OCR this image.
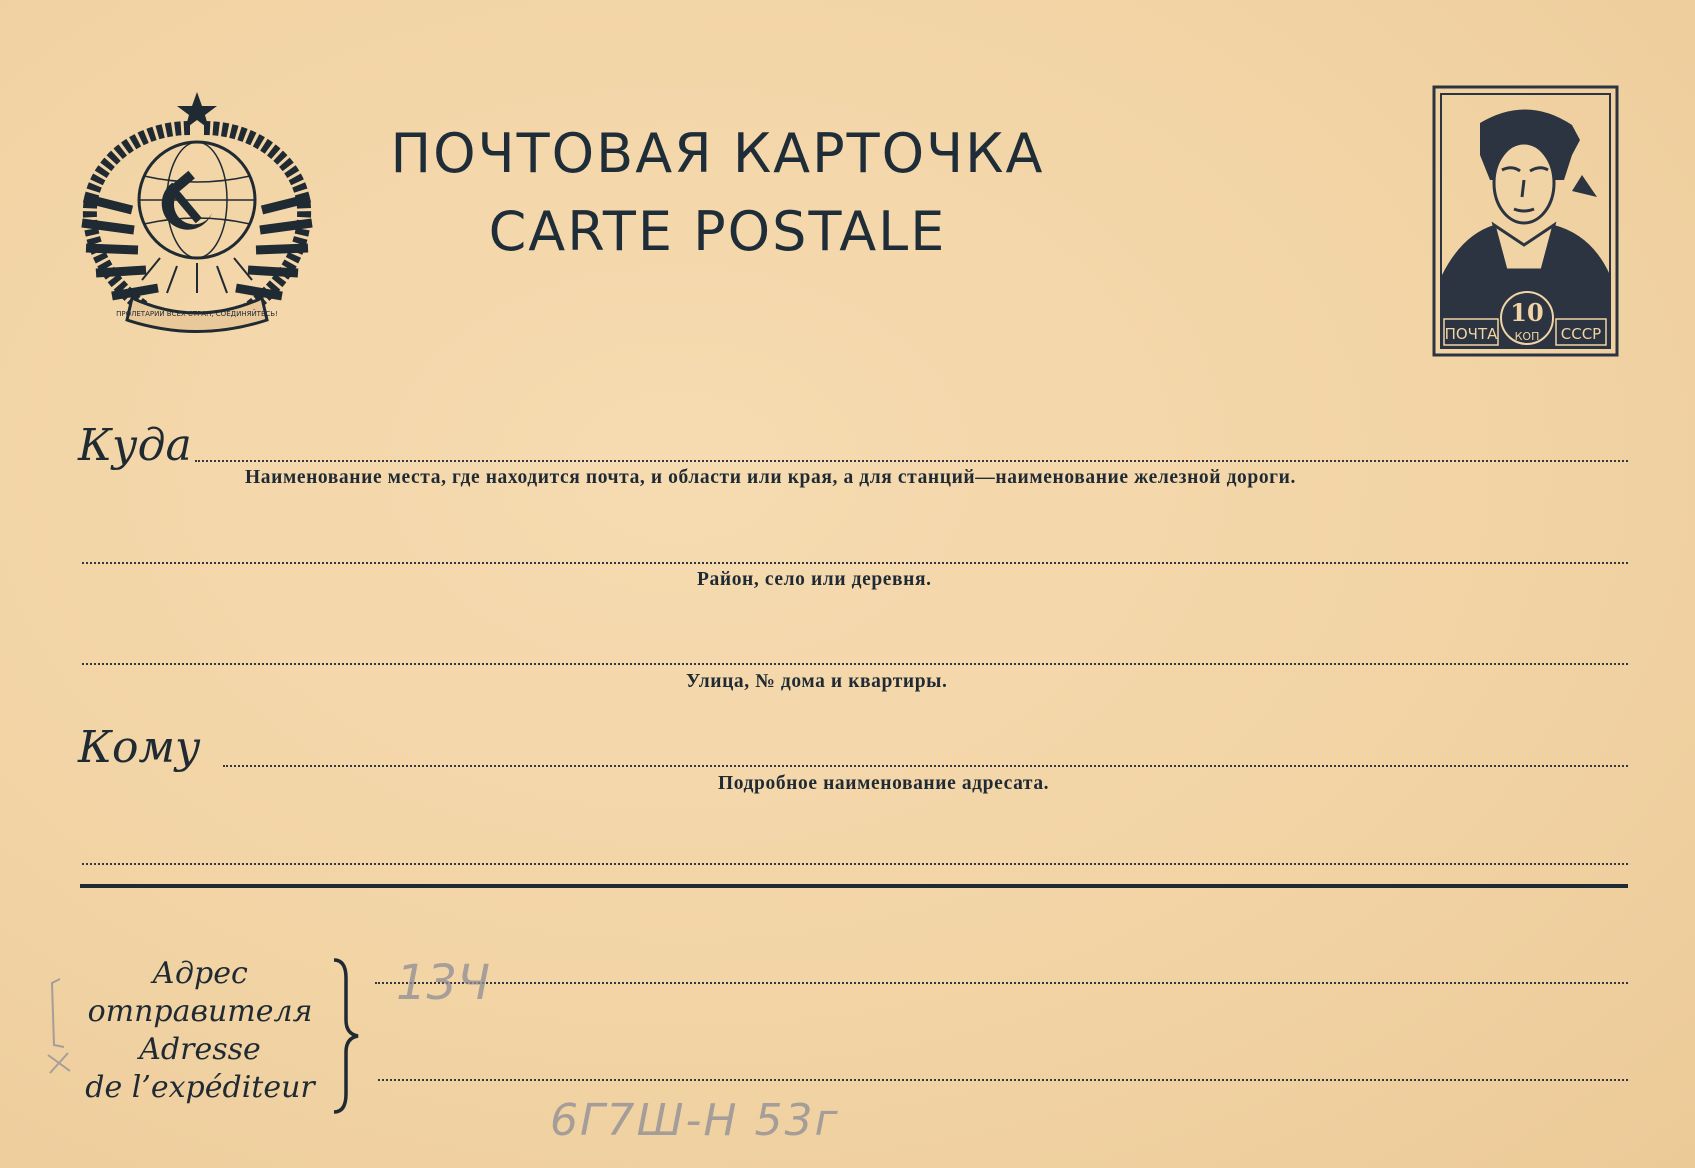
ПРОЛЕТАРИИ ВСЕХ СТРАН, СОЕДИНЯЙТЕСЬ!
ПОЧТОВАЯ КАРТОЧКА
CARTE POSTALE
ПОЧТА
10
КОП СССР
Куда
Наименование места, где находится почта, и области или края, а для станций—наименование железной дороги.
Район, село или деревня.
Улица, № дома и квартиры.
Кому
Подробное наименование адресата.
Адрес
отправителя
Adresse
de l’expéditeur
13Ч
6Г7Ш-Н 53г
